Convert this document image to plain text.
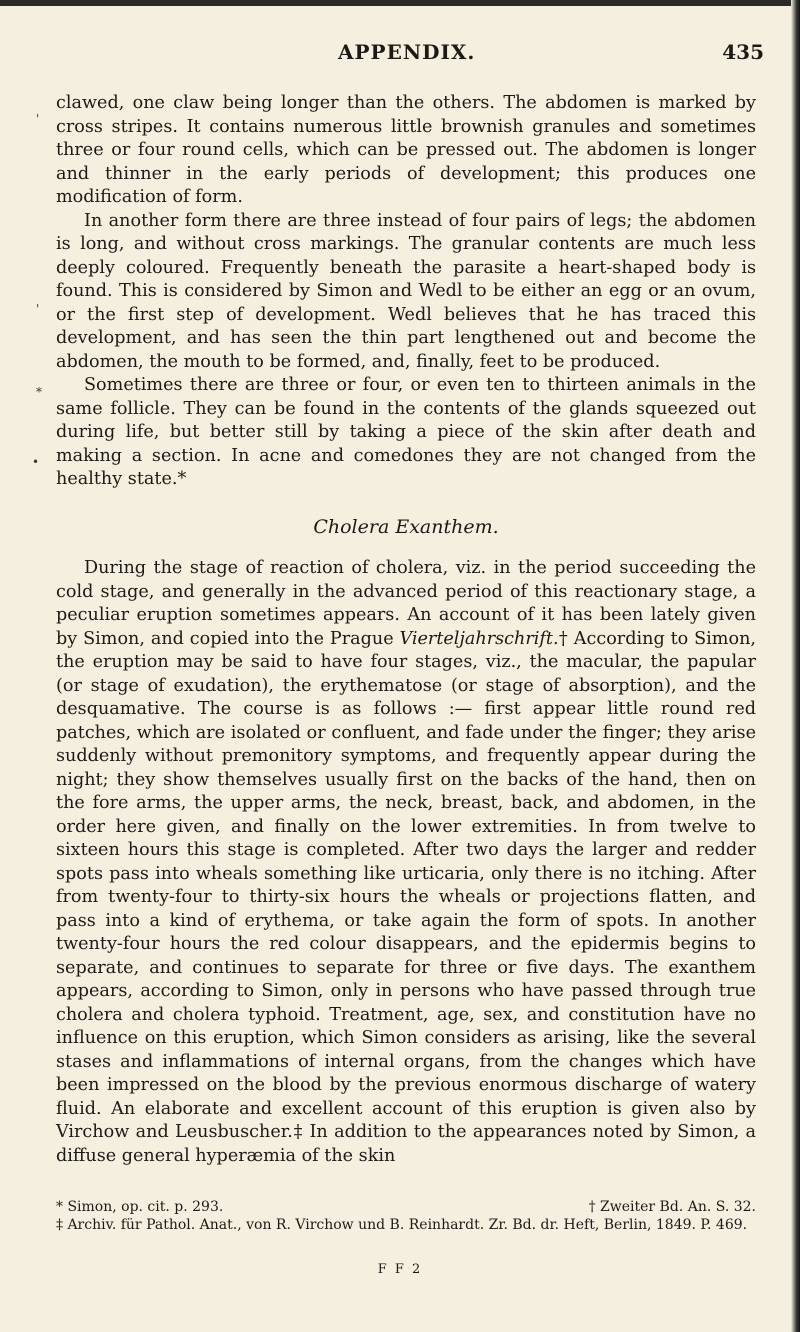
APPENDIX.	435
'
'
*
•

clawed, one claw being longer than the others. The abdomen is marked by cross stripes. It contains numerous little brownish granules and sometimes three or four round cells, which can be pressed out. The abdomen is longer and thinner in the early periods of development; this produces one modification of form.

In another form there are three instead of four pairs of legs; the abdomen is long, and without cross markings. The granular contents are much less deeply coloured. Frequently beneath the parasite a heart-shaped body is found. This is considered by Simon and Wedl to be either an egg or an ovum, or the first step of development. Wedl believes that he has traced this development, and has seen the thin part lengthened out and become the abdomen, the mouth to be formed, and, finally, feet to be produced.

Sometimes there are three or four, or even ten to thirteen animals in the same follicle. They can be found in the contents of the glands squeezed out during life, but better still by taking a piece of the skin after death and making a section. In acne and comedones they are not changed from the healthy state.*

Cholera Exanthem.

During the stage of reaction of cholera, viz. in the period succeeding the cold stage, and generally in the advanced period of this reactionary stage, a peculiar eruption sometimes appears. An account of it has been lately given by Simon, and copied into the Prague Vierteljahrschrift.† According to Simon, the eruption may be said to have four stages, viz., the macular, the papular (or stage of exudation), the erythematose (or stage of absorption), and the desquamative. The course is as follows :— first appear little round red patches, which are isolated or confluent, and fade under the finger; they arise suddenly without premonitory symptoms, and frequently appear during the night; they show themselves usually first on the backs of the hand, then on the fore arms, the upper arms, the neck, breast, back, and abdomen, in the order here given, and finally on the lower extremities. In from twelve to sixteen hours this stage is completed. After two days the larger and redder spots pass into wheals something like urticaria, only there is no itching. After from twenty-four to thirty-six hours the wheals or projections flatten, and pass into a kind of erythema, or take again the form of spots. In another twenty-four hours the red colour disappears, and the epidermis begins to separate, and continues to separate for three or five days. The exanthem appears, according to Simon, only in persons who have passed through true cholera and cholera typhoid. Treatment, age, sex, and constitution have no influence on this eruption, which Simon considers as arising, like the several stases and inflammations of internal organs, from the changes which have been impressed on the blood by the previous enormous discharge of watery fluid. An elaborate and excellent account of this eruption is given also by Virchow and Leusbuscher.‡ In addition to the appearances noted by Simon, a diffuse general hyperæmia of the skin

* Simon, op. cit. p. 293.	† Zweiter Bd. An. S. 32.
‡ Archiv. für Pathol. Anat., von R. Virchow und B. Reinhardt. Zr. Bd. dr. Heft, Berlin, 1849. P. 469.
F F 2
